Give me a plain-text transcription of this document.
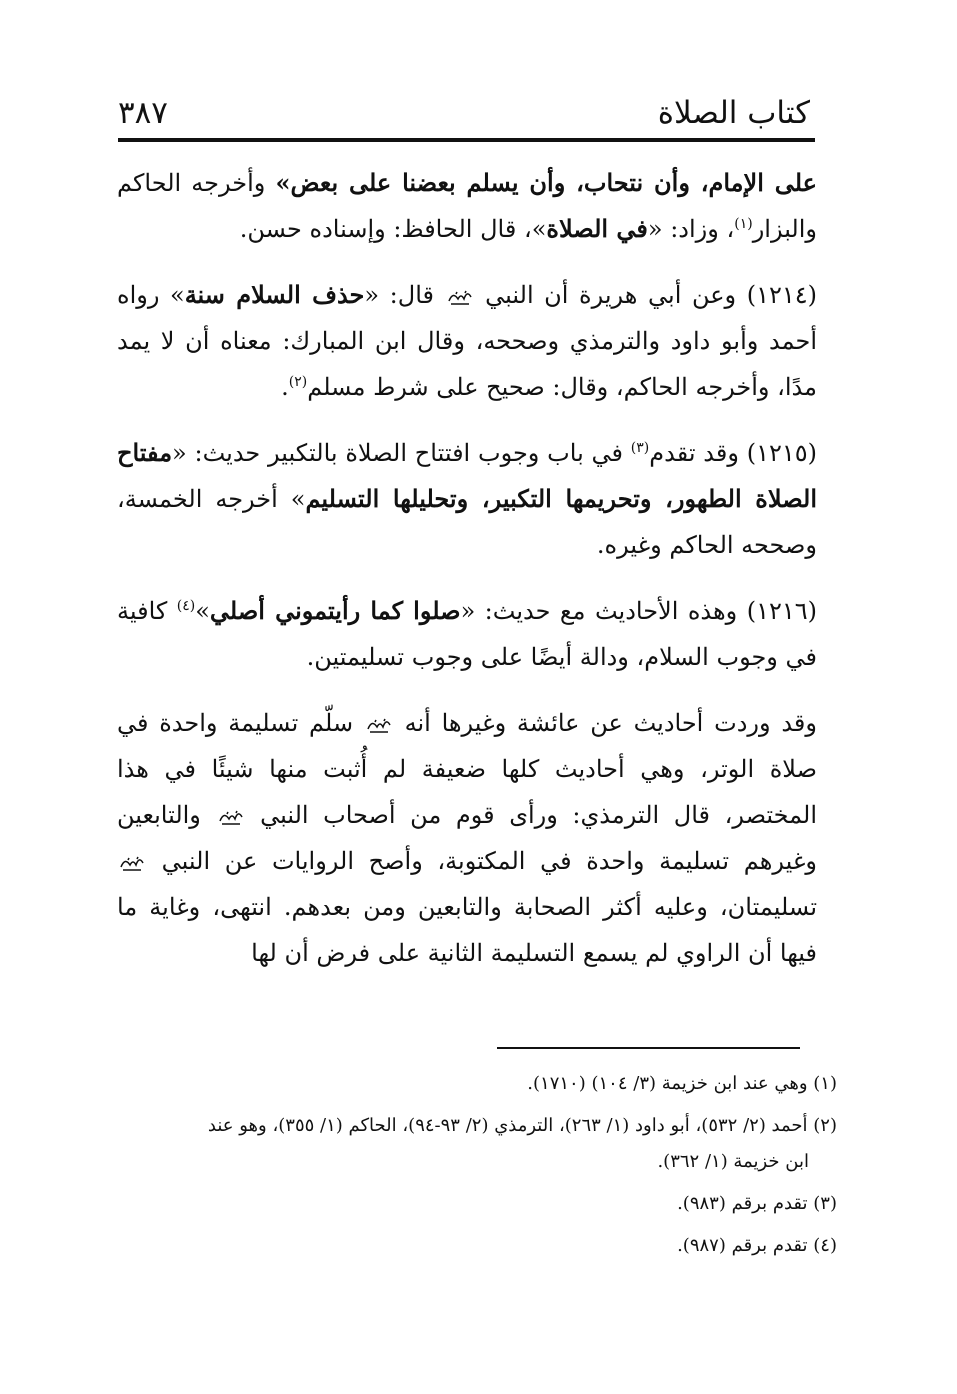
كتاب الصلاة
٣٨٧

على الإمام، وأن نتحاب، وأن يسلم بعضنا على بعض» وأخرجه الحاكم والبزار$^{(١)}$، وزاد: «في الصلاة»، قال الحافظ: وإسناده حسن.

(١٢١٤) وعن أبي هريرة أن النبي  قال: «حذف السلام سنة» رواه أحمد وأبو داود والترمذي وصححه، وقال ابن المبارك: معناه أن لا يمد مدًا، وأخرجه الحاكم، وقال: صحيح على شرط مسلم$^{(٢)}$.

(١٢١٥) وقد تقدم$^{(٣)}$ في باب وجوب افتتاح الصلاة بالتكبير حديث: «مفتاح الصلاة الطهور، وتحريمها التكبير، وتحليلها التسليم» أخرجه الخمسة، وصححه الحاكم وغيره.

(١٢١٦) وهذه الأحاديث مع حديث: «صلوا كما رأيتموني أصلي»$^{(٤)}$ كافية في وجوب السلام، ودالة أيضًا على وجوب تسليمتين.

وقد وردت أحاديث عن عائشة وغيرها أنه  سلّم تسليمة واحدة في صلاة الوتر، وهي أحاديث كلها ضعيفة لم أُثبت منها شيئًا في هذا المختصر، قال الترمذي: ورأى قوم من أصحاب النبي  والتابعين وغيرهم تسليمة واحدة في المكتوبة، وأصح الروايات عن النبي  تسليمتان، وعليه أكثر الصحابة والتابعين ومن بعدهم. انتهى، وغاية ما فيها أن الراوي لم يسمع التسليمة الثانية على فرض أن لها

(١) وهي عند ابن خزيمة (٣/ ١٠٤) (١٧١٠).

(٢) أحمد (٢/ ٥٣٢)، أبو داود (١/ ٢٦٣)، الترمذي (٢/ ٩٣-٩٤)، الحاكم (١/ ٣٥٥)، وهو عند
ابن خزيمة (١/ ٣٦٢).

(٣) تقدم برقم (٩٨٣).

(٤) تقدم برقم (٩٨٧).
